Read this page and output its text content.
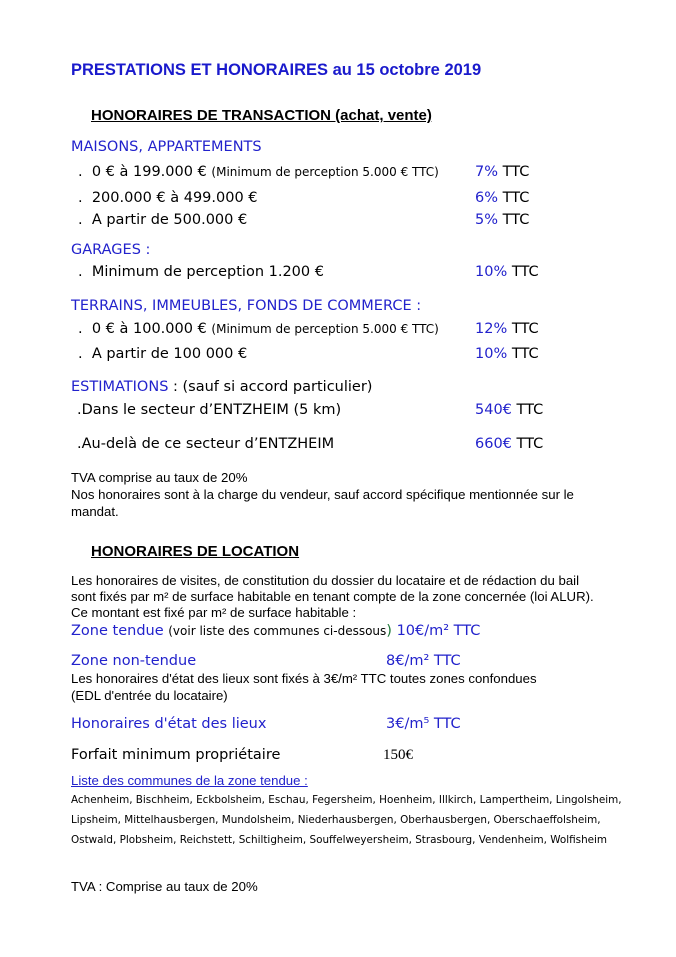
PRESTATIONS ET HONORAIRES au 15 octobre 2019
HONORAIRES DE TRANSACTION (achat, vente)
MAISONS, APPARTEMENTS
. 0 € à 199.000 € (Minimum de perception 5.000 € TTC) 7% TTC
. 200.000 € à 499.000 €	6% TTC
. A partir de 500.000 €	5% TTC
GARAGES :
. Minimum de perception 1.200 €	10% TTC
TERRAINS, IMMEUBLES, FONDS DE COMMERCE :
. 0 € à 100.000 € (Minimum de perception 5.000 € TTC) 12% TTC
. A partir de 100 000 €	10% TTC
ESTIMATIONS : (sauf si accord particulier)
.Dans le secteur d’ENTZHEIM (5 km)	540€ TTC
.Au-delà de ce secteur d’ENTZHEIM	660€ TTC
TVA comprise au taux de 20%
Nos honoraires sont à la charge du vendeur, sauf accord spécifique mentionnée sur le
mandat.
HONORAIRES DE LOCATION
Les honoraires de visites, de constitution du dossier du locataire et de rédaction du bail
sont fixés par m² de surface habitable en tenant compte de la zone concernée (loi ALUR).
Ce montant est fixé par m² de surface habitable :
Zone tendue (voir liste des communes ci-dessous) 10€/m² TTC
Zone non-tendue	8€/m² TTC
Les honoraires d'état des lieux sont fixés à 3€/m² TTC toutes zones confondues
(EDL d'entrée du locataire)
Honoraires d'état des lieux	3€/m⁵ TTC
Forfait minimum propriétaire	150€
Liste des communes de la zone tendue :
Achenheim, Bischheim, Eckbolsheim, Eschau, Fegersheim, Hoenheim, Illkirch, Lampertheim, Lingolsheim,
Lipsheim, Mittelhausbergen, Mundolsheim, Niederhausbergen, Oberhausbergen, Oberschaeffolsheim,
Ostwald, Plobsheim, Reichstett, Schiltigheim, Souffelweyersheim, Strasbourg, Vendenheim, Wolfisheim
TVA : Comprise au taux de 20%
